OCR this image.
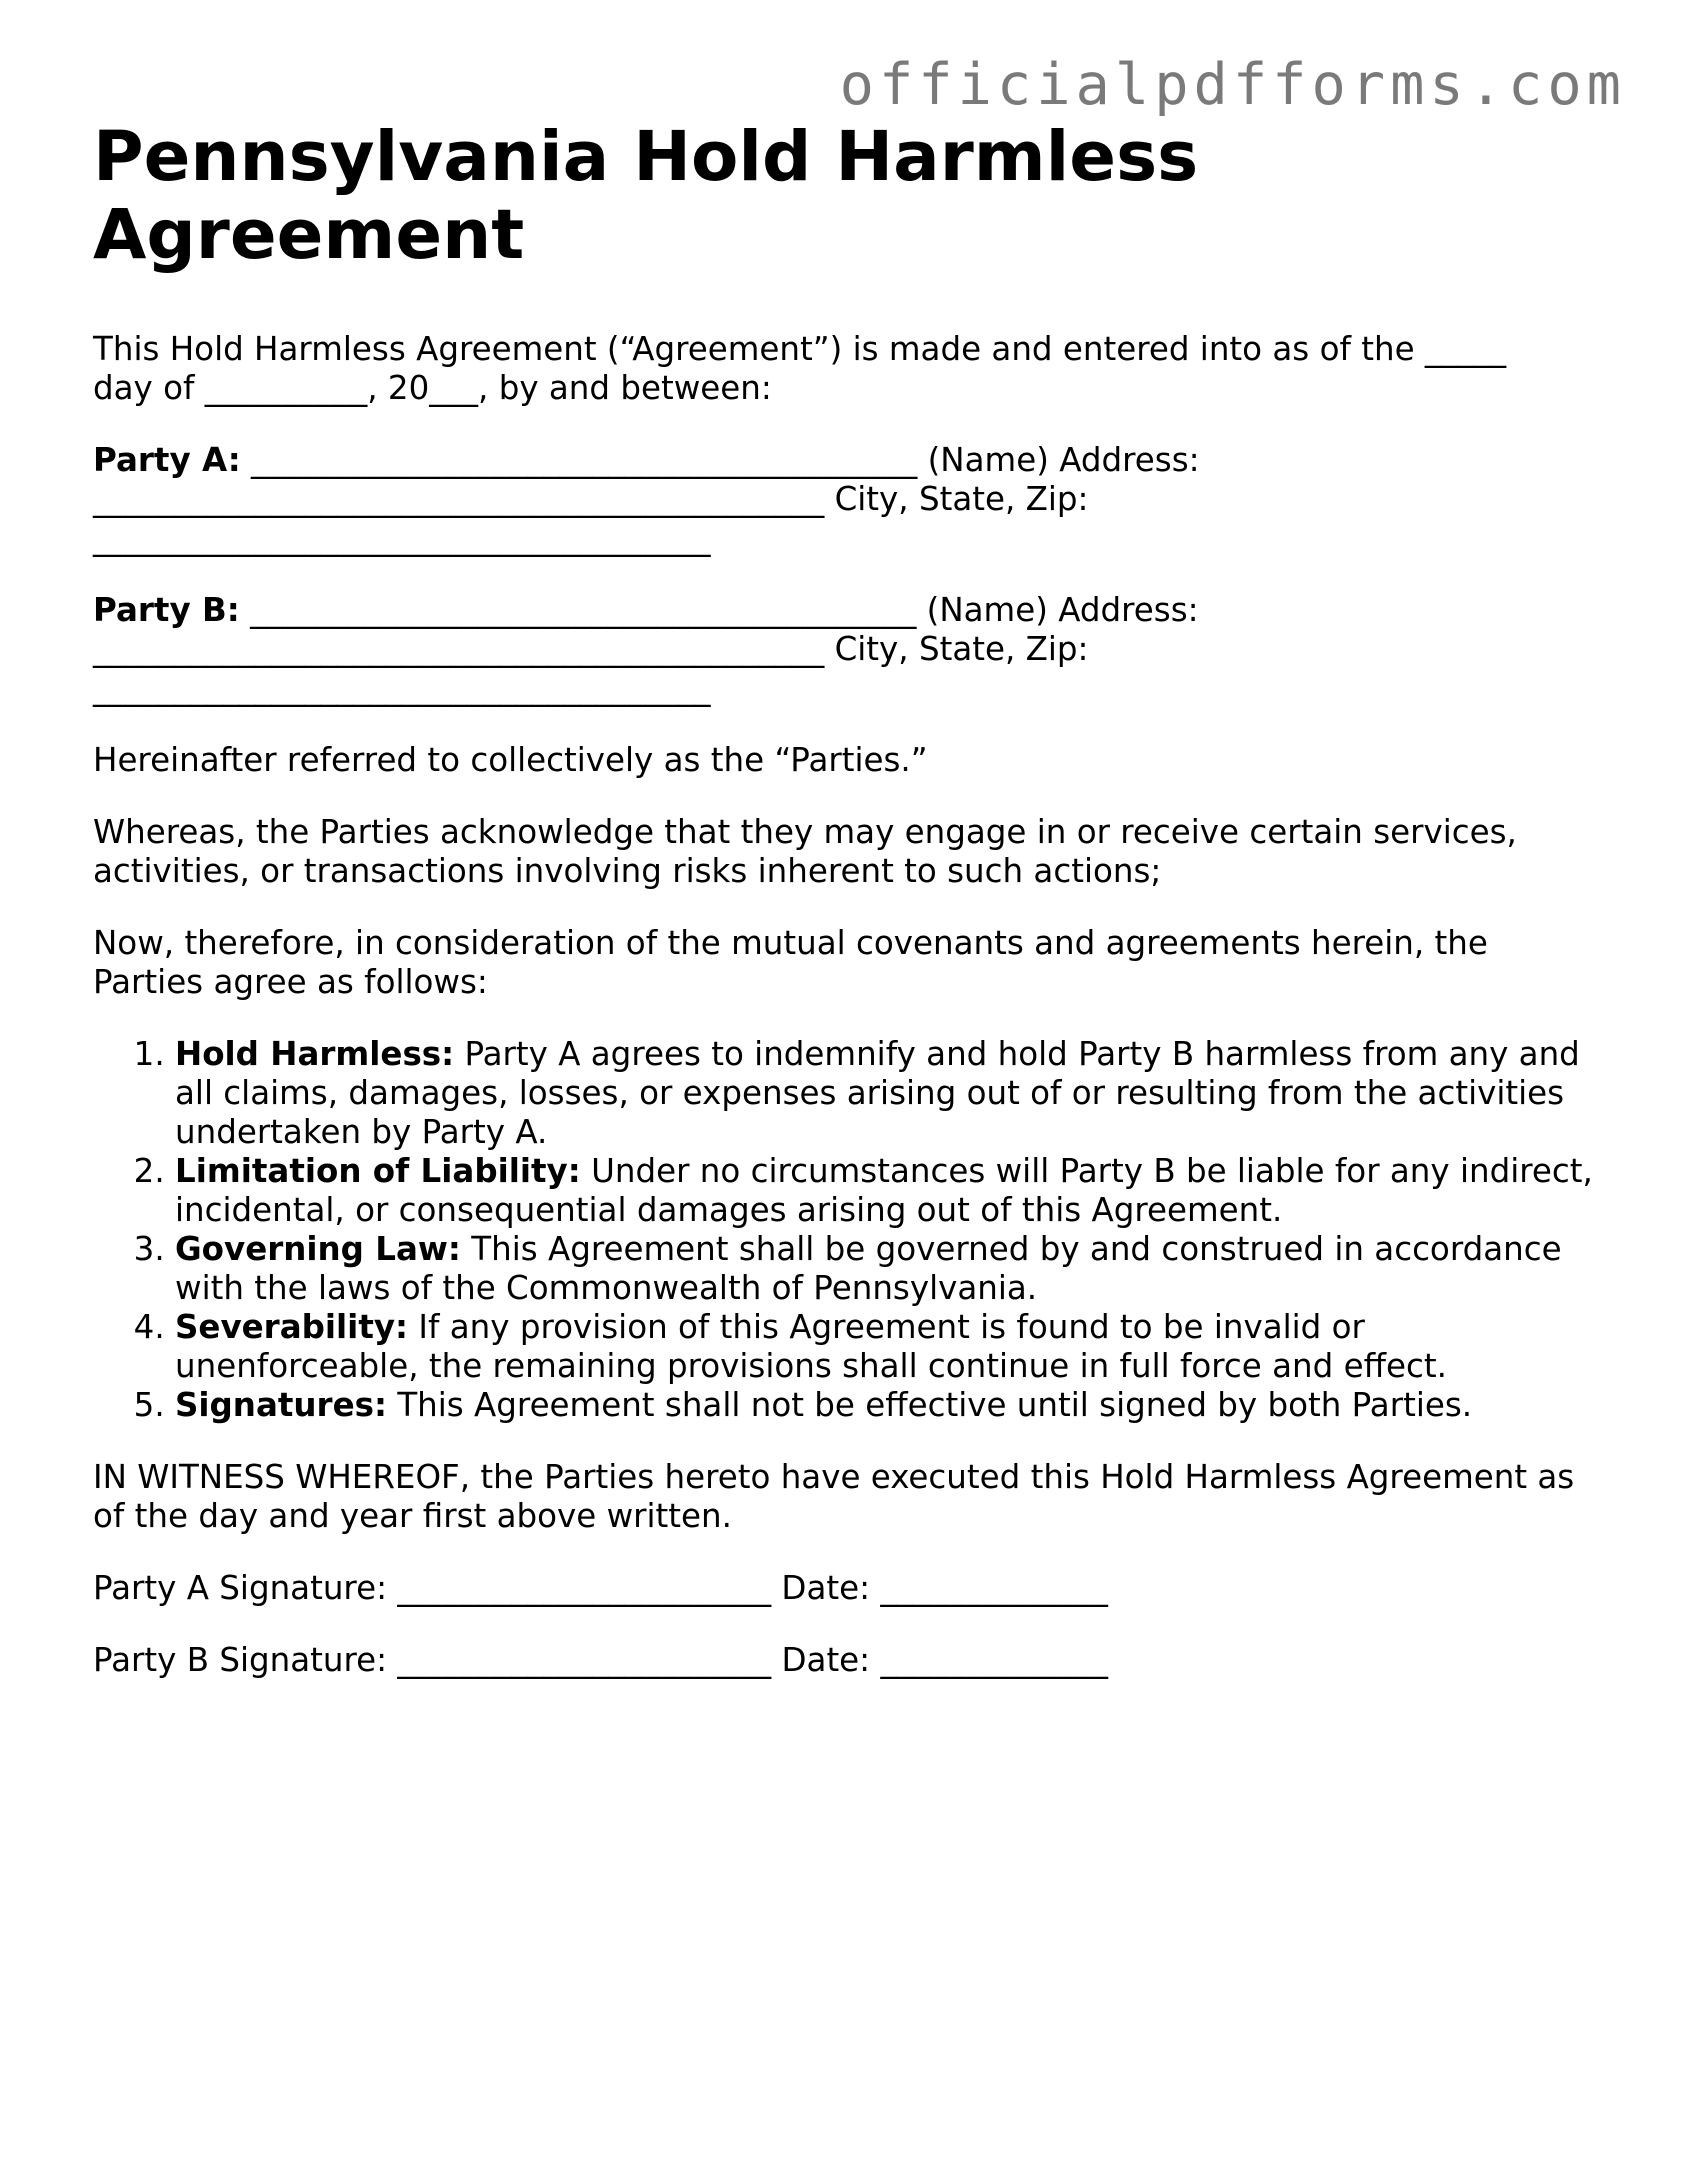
officialpdfforms.com
Pennsylvania Hold Harmless Agreement

This Hold Harmless Agreement (“Agreement”) is made and entered into as of the _____
day of __________, 20___, by and between:

Party A: _________________________________________ (Name) Address:
_____________________________________________ City, State, Zip:
______________________________________
Party B: _________________________________________ (Name) Address:
_____________________________________________ City, State, Zip:
______________________________________

Hereinafter referred to collectively as the “Parties.”

Whereas, the Parties acknowledge that they may engage in or receive certain services, activities, or transactions involving risks inherent to such actions;

Now, therefore, in consideration of the mutual covenants and agreements herein, the Parties agree as follows:

1. Hold Harmless: Party A agrees to indemnify and hold Party B harmless from any and all claims, damages, losses, or expenses arising out of or resulting from the activities undertaken by Party A.
2. Limitation of Liability: Under no circumstances will Party B be liable for any indirect, incidental, or consequential damages arising out of this Agreement.
3. Governing Law: This Agreement shall be governed by and construed in accordance with the laws of the Commonwealth of Pennsylvania.
4. Severability: If any provision of this Agreement is found to be invalid or unenforceable, the remaining provisions shall continue in full force and effect.
5. Signatures: This Agreement shall not be effective until signed by both Parties.

IN WITNESS WHEREOF, the Parties hereto have executed this Hold Harmless Agreement as of the day and year first above written.

Party A Signature: _______________________ Date: ______________
Party B Signature: _______________________ Date: ______________
